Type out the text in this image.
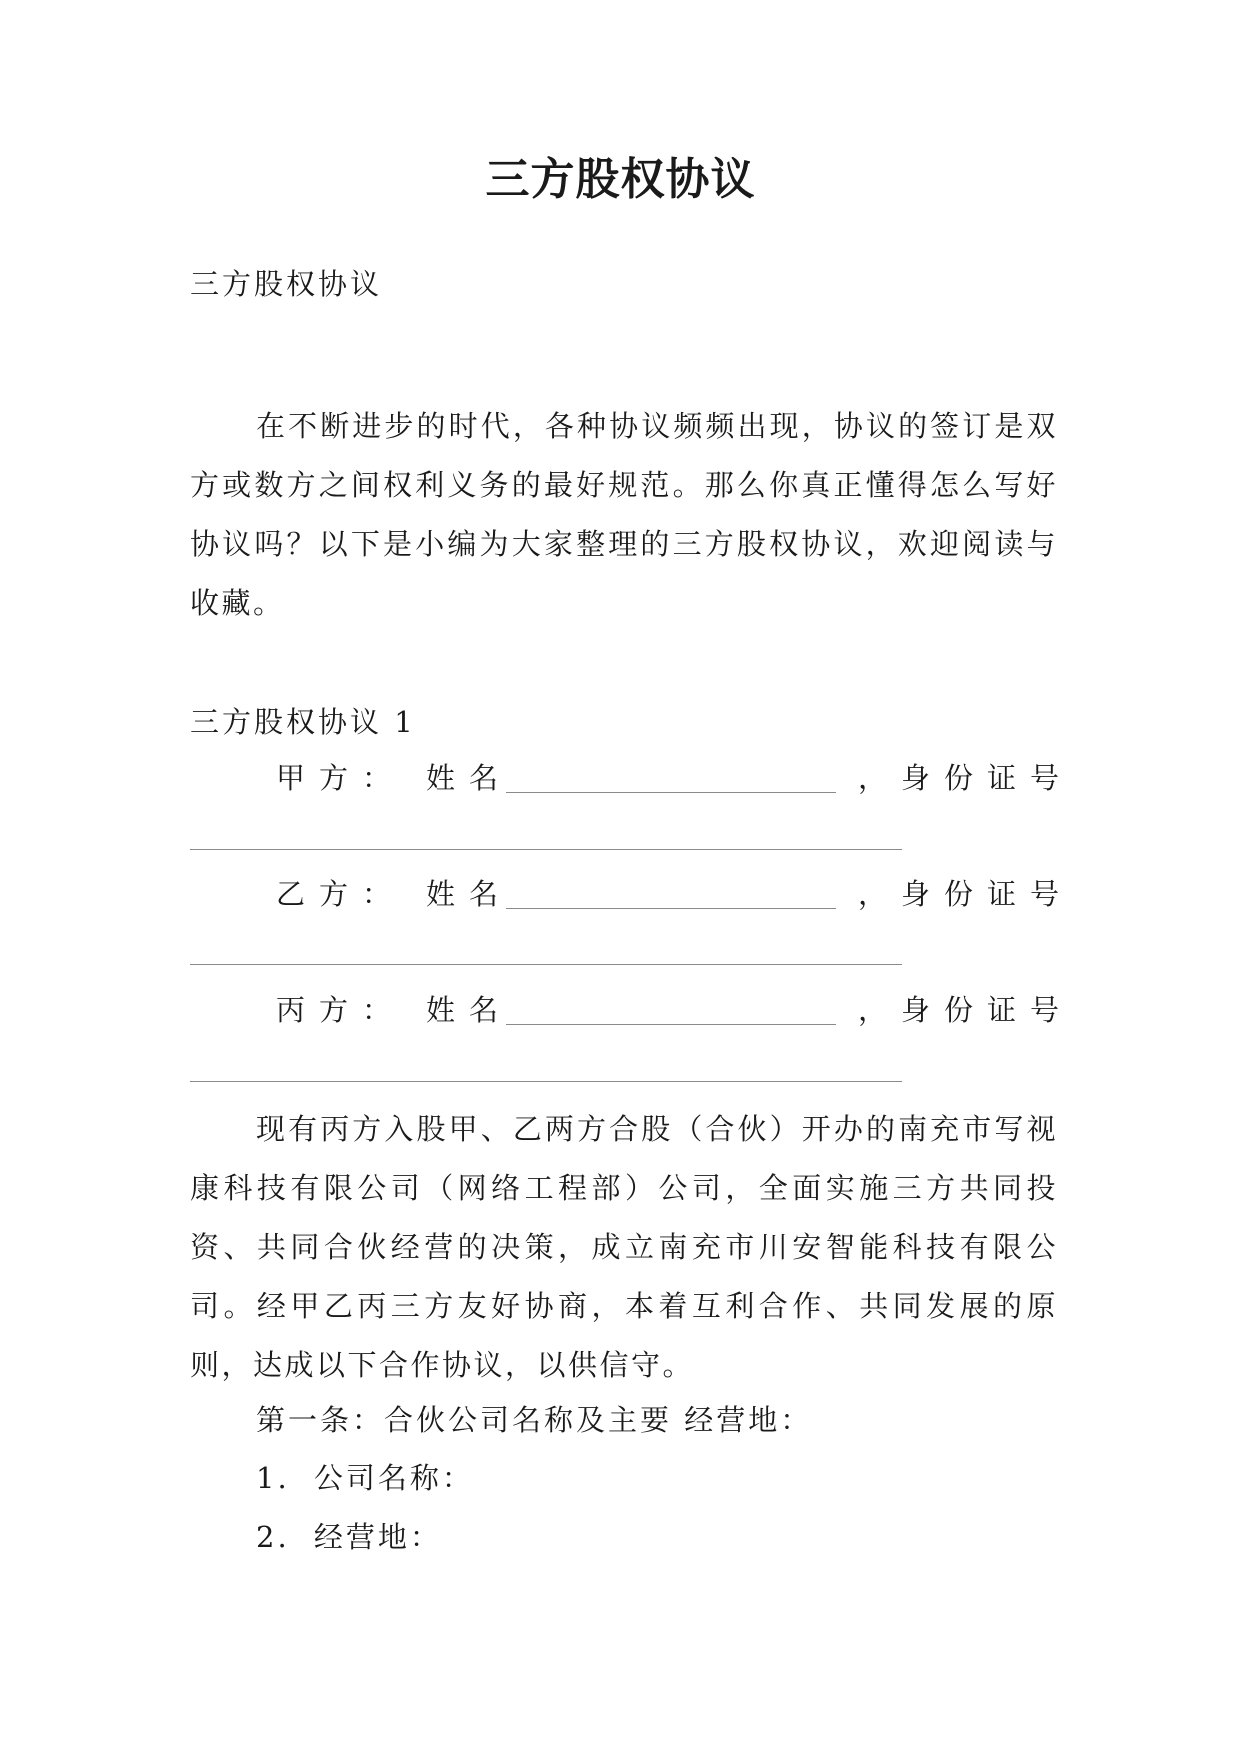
三方股权协议
三方股权协议

在不断进步的时代，各种协议频频出现，协议的签订是双方或数方之间权利义务的最好规范。那么你真正懂得怎么写好协议吗？以下是小编为大家整理的三方股权协议，欢迎阅读与收藏。

三方股权协议 1
甲方： 姓名	，身份证号
乙方： 姓名	，身份证号
丙方： 姓名	，身份证号

现有丙方入股甲、乙两方合股（合伙）开办的南充市写视康科技有限公司（网络工程部）公司，全面实施三方共同投资、共同合伙经营的决策，成立南充市川安智能科技有限公司。经甲乙丙三方友好协商，本着互利合作、共同发展的原则，达成以下合作协议，以供信守。

第一条：合伙公司名称及主要 经营地：
1. 公司名称：
2. 经营地：
